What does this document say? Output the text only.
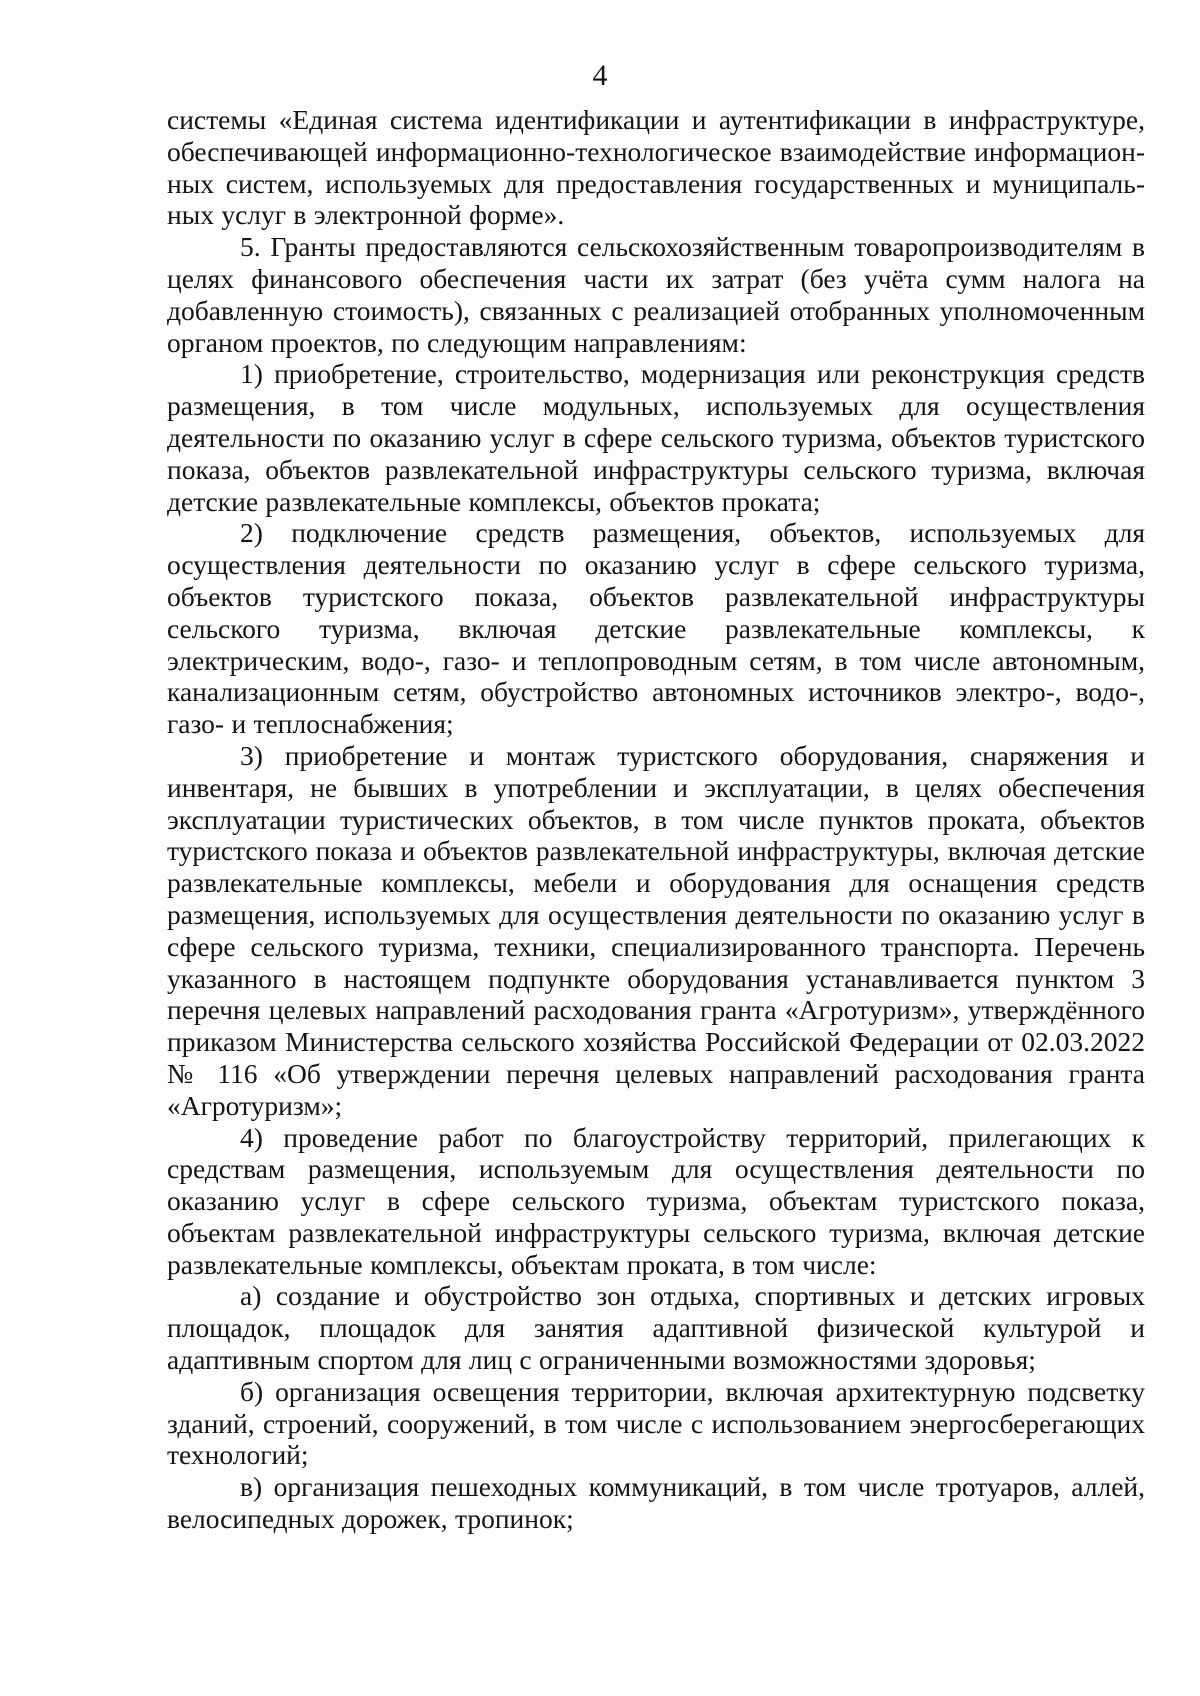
4

системы «Единая система идентификации и аутентификации в инфраструктуре, обеспечивающей информационно-технологическое взаимодействие информационных систем, используемых для предоставления государственных и муниципальных услуг в электронной форме».

5. Гранты предоставляются сельскохозяйственным товаропроизводителям в целях финансового обеспечения части их затрат (без учёта сумм налога на добавленную стоимость), связанных с реализацией отобранных уполномоченным органом проектов, по следующим направлениям:

1) приобретение, строительство, модернизация или реконструкция средств размещения, в том числе модульных, используемых для осуществления деятельности по оказанию услуг в сфере сельского туризма, объектов туристского показа, объектов развлекательной инфраструктуры сельского туризма, включая детские развлекательные комплексы, объектов проката;

2) подключение средств размещения, объектов, используемых для осуществления деятельности по оказанию услуг в сфере сельского туризма, объектов туристского показа, объектов развлекательной инфраструктуры сельского туризма, включая детские развлекательные комплексы, к электрическим, водо-, газо- и теплопроводным сетям, в том числе автономным, канализационным сетям, обустройство автономных источников электро-, водо-, газо- и теплоснабжения;

3) приобретение и монтаж туристского оборудования, снаряжения и инвентаря, не бывших в употреблении и эксплуатации, в целях обеспечения эксплуатации туристических объектов, в том числе пунктов проката, объектов туристского показа и объектов развлекательной инфраструктуры, включая детские развлекательные комплексы, мебели и оборудования для оснащения средств размещения, используемых для осуществления деятельности по оказанию услуг в сфере сельского туризма, техники, специализированного транспорта. Перечень указанного в настоящем подпункте оборудования устанавливается пунктом 3 перечня целевых направлений расходования гранта «Агротуризм», утверждённого приказом Министерства сельского хозяйства Российской Федерации от 02.03.2022 № 116 «Об утверждении перечня целевых направлений расходования гранта «Агротуризм»;

4) проведение работ по благоустройству территорий, прилегающих к средствам размещения, используемым для осуществления деятельности по оказанию услуг в сфере сельского туризма, объектам туристского показа, объектам развлекательной инфраструктуры сельского туризма, включая детские развлекательные комплексы, объектам проката, в том числе:

а) создание и обустройство зон отдыха, спортивных и детских игровых площадок, площадок для занятия адаптивной физической культурой и адаптивным спортом для лиц с ограниченными возможностями здоровья;

б) организация освещения территории, включая архитектурную подсветку зданий, строений, сооружений, в том числе с использованием энергосберегающих технологий;

в) организация пешеходных коммуникаций, в том числе тротуаров, аллей, велосипедных дорожек, тропинок;
